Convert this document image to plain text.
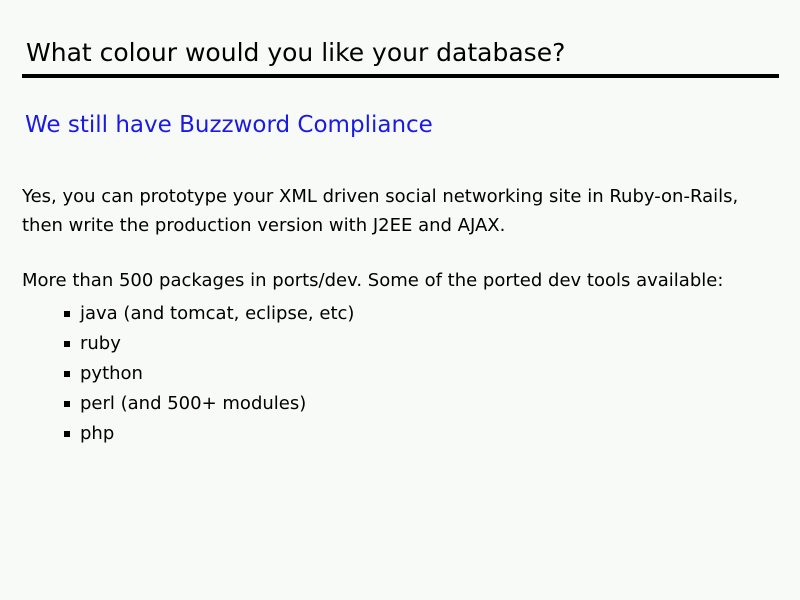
What colour would you like your database?
We still have Buzzword Compliance

Yes, you can prototype your XML driven social networking site in Ruby-on-Rails, then write the production version with J2EE and AJAX.

More than 500 packages in ports/dev. Some of the ported dev tools available:

java (and tomcat, eclipse, etc)
ruby
python
perl (and 500+ modules)
php
